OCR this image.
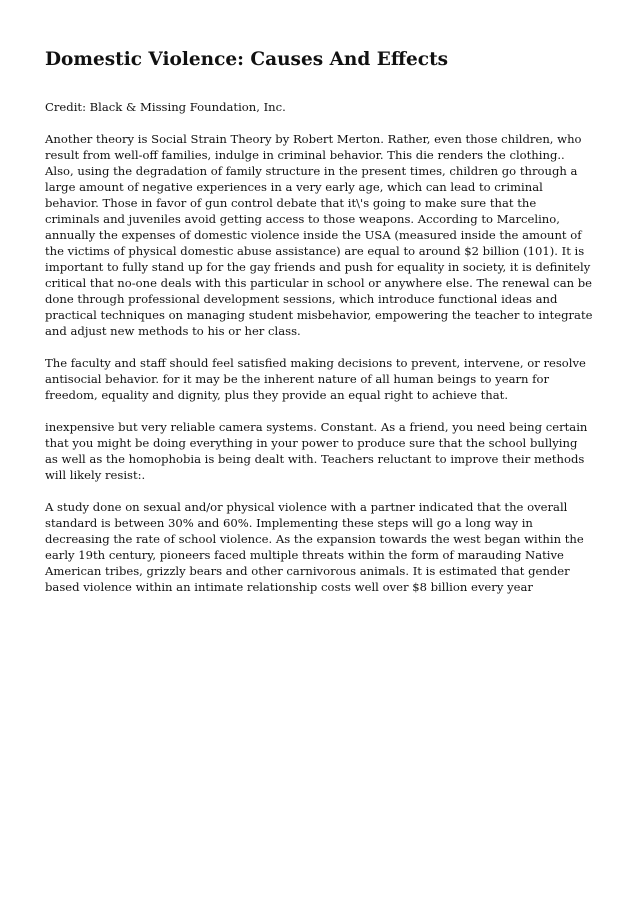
Domestic Violence: Causes And Effects

Credit: Black & Missing Foundation, Inc.

Another theory is Social Strain Theory by Robert Merton. Rather, even those children, who result from well-off families, indulge in criminal behavior. This die renders the clothing.. Also, using the degradation of family structure in the present times, children go through a large amount of negative experiences in a very early age, which can lead to criminal behavior. Those in favor of gun control debate that it\'s going to make sure that the criminals and juveniles avoid getting access to those weapons. According to Marcelino, annually the expenses of domestic violence inside the USA (measured inside the amount of the victims of physical domestic abuse assistance) are equal to around $2 billion (101). It is important to fully stand up for the gay friends and push for equality in society, it is definitely critical that no-one deals with this particular in school or anywhere else. The renewal can be done through professional development sessions, which introduce functional ideas and practical techniques on managing student misbehavior, empowering the teacher to integrate and adjust new methods to his or her class.

The faculty and staff should feel satisfied making decisions to prevent, intervene, or resolve antisocial behavior. for it may be the inherent nature of all human beings to yearn for freedom, equality and dignity, plus they provide an equal right to achieve that.

inexpensive but very reliable camera systems. Constant. As a friend, you need being certain that you might be doing everything in your power to produce sure that the school bullying as well as the homophobia is being dealt with. Teachers reluctant to improve their methods will likely resist:.

A study done on sexual and/or physical violence with a partner indicated that the overall standard is between 30% and 60%. Implementing these steps will go a long way in decreasing the rate of school violence. As the expansion towards the west began within the early 19th century, pioneers faced multiple threats within the form of marauding Native American tribes, grizzly bears and other carnivorous animals. It is estimated that gender based violence within an intimate relationship costs well over $8 billion every year
